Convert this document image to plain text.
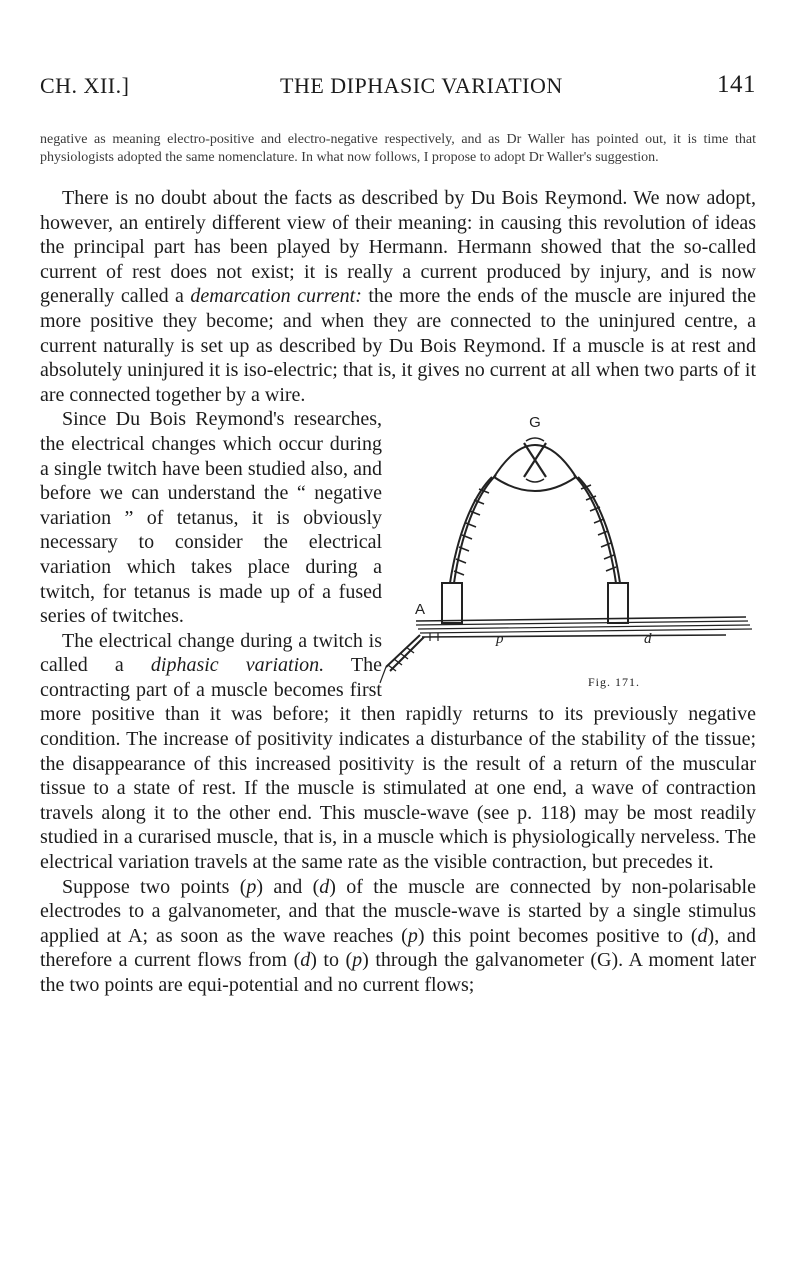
CH. XII.]	THE DIPHASIC VARIATION	141

negative as meaning electro-positive and electro-negative respectively, and as Dr Waller has pointed out, it is time that physiologists adopted the same nomenclature. In what now follows, I propose to adopt Dr Waller's suggestion.

G
A
p	d
Fig. 171.

There is no doubt about the facts as described by Du Bois Reymond. We now adopt, however, an entirely different view of their meaning: in causing this revolution of ideas the principal part has been played by Hermann. Hermann showed that the so-called current of rest does not exist; it is really a current produced by injury, and is now generally called a demarcation current: the more the ends of the muscle are injured the more positive they become; and when they are connected to the uninjured centre, a current naturally is set up as described by Du Bois Reymond. If a muscle is at rest and absolutely uninjured it is iso-electric; that is, it gives no current at all when two parts of it are connected together by a wire.

Since Du Bois Reymond's researches, the electrical changes which occur during a single twitch have been studied also, and before we can understand the “ negative variation ” of tetanus, it is obviously necessary to consider the electrical variation which takes place during a twitch, for tetanus is made up of a fused series of twitches.

The electrical change during a twitch is called a diphasic variation. The contracting part of a muscle becomes first more positive than it was before; it then rapidly returns to its previously negative condition. The increase of positivity indicates a disturbance of the stability of the tissue; the disappearance of this increased positivity is the result of a return of the muscular tissue to a state of rest. If the muscle is stimulated at one end, a wave of contraction travels along it to the other end. This muscle-wave (see p. 118) may be most readily studied in a curarised muscle, that is, in a muscle which is physiologically nerveless. The electrical variation travels at the same rate as the visible contraction, but precedes it.

Suppose two points (p) and (d) of the muscle are connected by non-polarisable electrodes to a galvanometer, and that the muscle-wave is started by a single stimulus applied at A; as soon as the wave reaches (p) this point becomes positive to (d), and therefore a current flows from (d) to (p) through the galvanometer (G). A moment later the two points are equi-potential and no current flows;
